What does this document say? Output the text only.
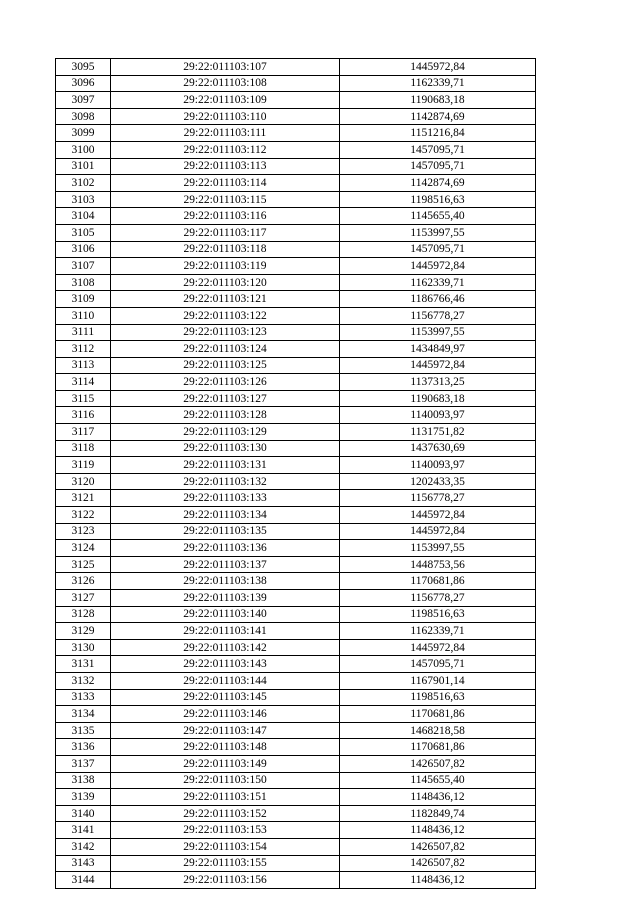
3095	29:22:011103:107	1445972,84
3096	29:22:011103:108	1162339,71
3097	29:22:011103:109	1190683,18
3098	29:22:011103:110	1142874,69
3099	29:22:011103:111	1151216,84
3100	29:22:011103:112	1457095,71
3101	29:22:011103:113	1457095,71
3102	29:22:011103:114	1142874,69
3103	29:22:011103:115	1198516,63
3104	29:22:011103:116	1145655,40
3105	29:22:011103:117	1153997,55
3106	29:22:011103:118	1457095,71
3107	29:22:011103:119	1445972,84
3108	29:22:011103:120	1162339,71
3109	29:22:011103:121	1186766,46
3110	29:22:011103:122	1156778,27
3111	29:22:011103:123	1153997,55
3112	29:22:011103:124	1434849,97
3113	29:22:011103:125	1445972,84
3114	29:22:011103:126	1137313,25
3115	29:22:011103:127	1190683,18
3116	29:22:011103:128	1140093,97
3117	29:22:011103:129	1131751,82
3118	29:22:011103:130	1437630,69
3119	29:22:011103:131	1140093,97
3120	29:22:011103:132	1202433,35
3121	29:22:011103:133	1156778,27
3122	29:22:011103:134	1445972,84
3123	29:22:011103:135	1445972,84
3124	29:22:011103:136	1153997,55
3125	29:22:011103:137	1448753,56
3126	29:22:011103:138	1170681,86
3127	29:22:011103:139	1156778,27
3128	29:22:011103:140	1198516,63
3129	29:22:011103:141	1162339,71
3130	29:22:011103:142	1445972,84
3131	29:22:011103:143	1457095,71
3132	29:22:011103:144	1167901,14
3133	29:22:011103:145	1198516,63
3134	29:22:011103:146	1170681,86
3135	29:22:011103:147	1468218,58
3136	29:22:011103:148	1170681,86
3137	29:22:011103:149	1426507,82
3138	29:22:011103:150	1145655,40
3139	29:22:011103:151	1148436,12
3140	29:22:011103:152	1182849,74
3141	29:22:011103:153	1148436,12
3142	29:22:011103:154	1426507,82
3143	29:22:011103:155	1426507,82
3144	29:22:011103:156	1148436,12
